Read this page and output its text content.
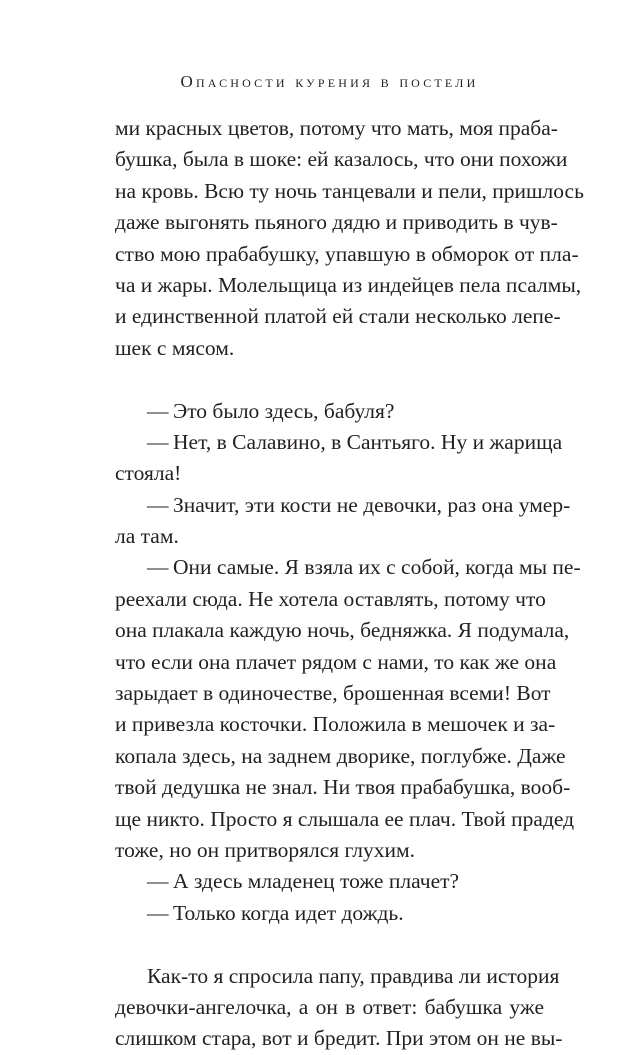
Опасности курения в постели
ми красных цветов, потому что мать, моя праба-
бушка, была в шоке: ей казалось, что они похожи
на кровь. Всю ту ночь танцевали и пели, пришлось
даже выгонять пьяного дядю и приводить в чув-
ство мою прабабушку, упавшую в обморок от пла-
ча и жары. Молельщица из индейцев пела псалмы,
и единственной платой ей стали несколько лепе-
шек с мясом.
— Это было здесь, бабуля?
— Нет, в Салавино, в Сантьяго. Ну и жарища
стояла!
— Значит, эти кости не девочки, раз она умер-
ла там.
— Они самые. Я взяла их с собой, когда мы пе-
реехали сюда. Не хотела оставлять, потому что
она плакала каждую ночь, бедняжка. Я подумала,
что если она плачет рядом с нами, то как же она
зарыдает в одиночестве, брошенная всеми! Вот
и привезла косточки. Положила в мешочек и за-
копала здесь, на заднем дворике, поглубже. Даже
твой дедушка не знал. Ни твоя прабабушка, вооб-
ще никто. Просто я слышала ее плач. Твой прадед
тоже, но он притворялся глухим.
— А здесь младенец тоже плачет?
— Только когда идет дождь.
Как-то я спросила папу, правдива ли история
девочки-ангелочка, а он в ответ: бабушка уже
слишком стара, вот и бредит. При этом он не вы-
